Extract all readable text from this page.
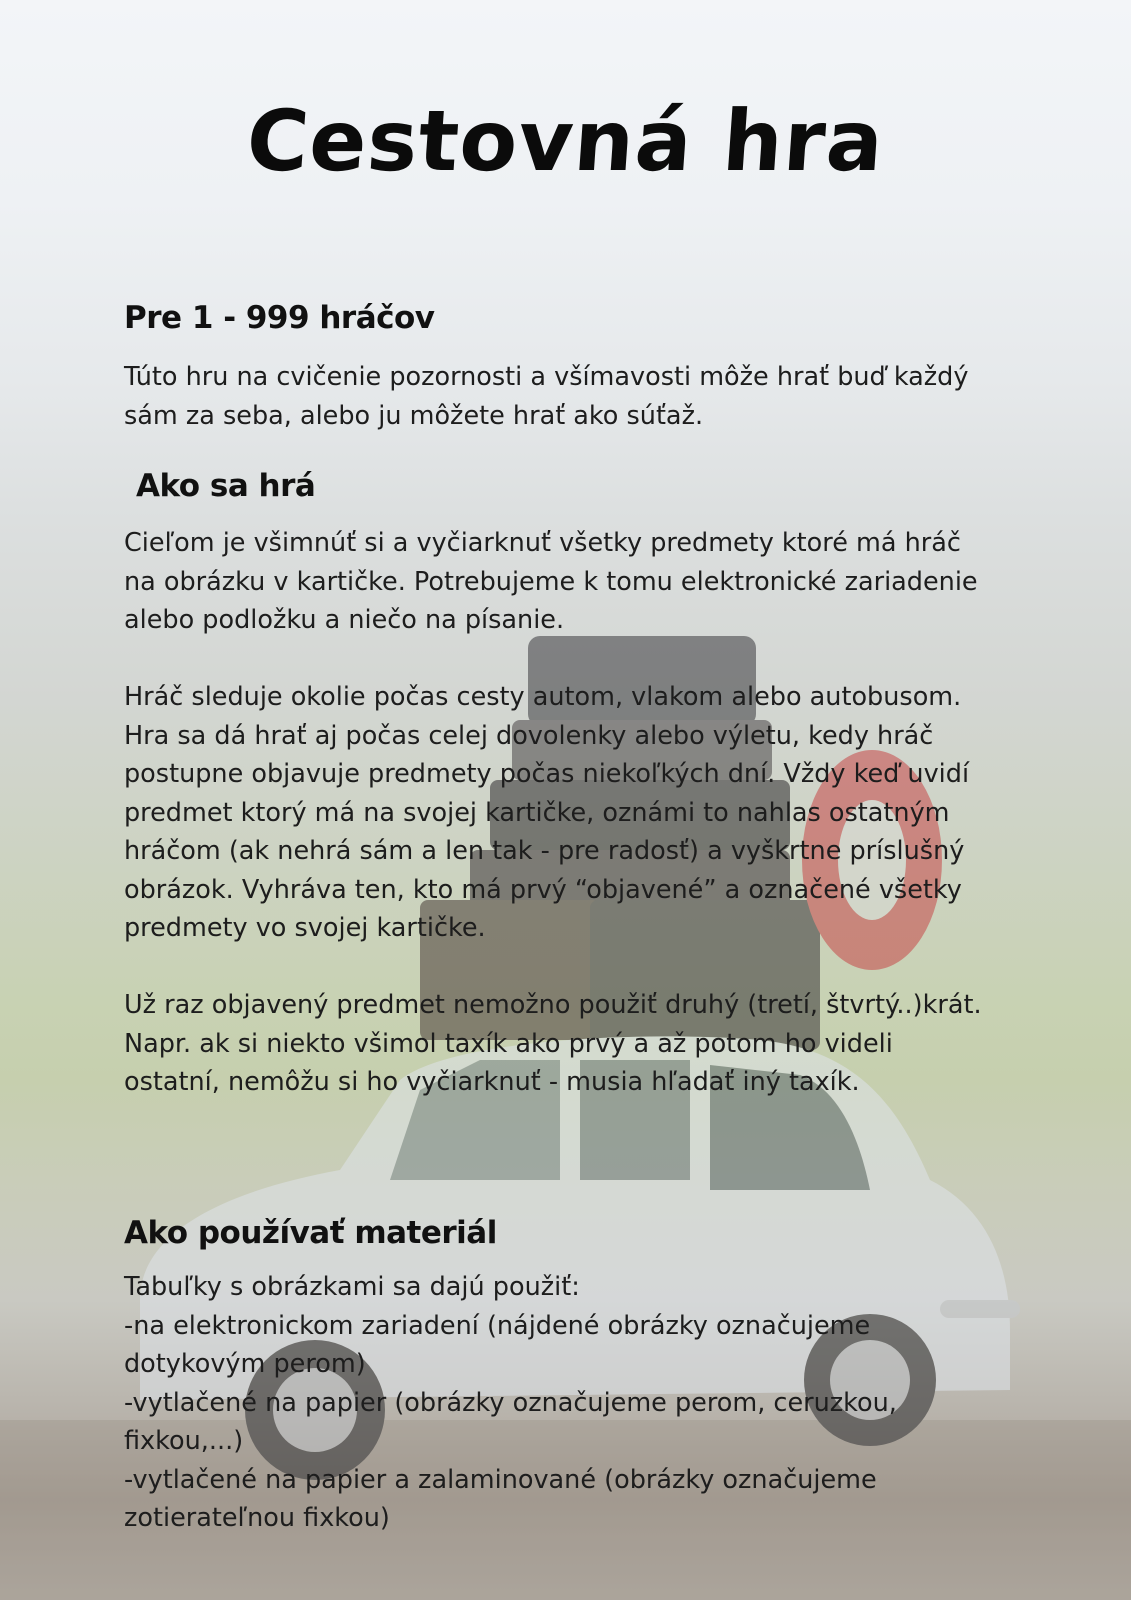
Cestovná hra
Pre 1 - 999 hráčov

Túto hru na cvičenie pozornosti a všímavosti môže hrať buď každý
sám za seba, alebo ju môžete hrať ako súťaž.

Ako sa hrá

Cieľom je všimnúť si a vyčiarknuť všetky predmety ktoré má hráč
na obrázku v kartičke. Potrebujeme k tomu elektronické zariadenie
alebo podložku a niečo na písanie.

Hráč sleduje okolie počas cesty autom, vlakom alebo autobusom.
Hra sa dá hrať aj počas celej dovolenky alebo výletu, kedy hráč
postupne objavuje predmety počas niekoľkých dní. Vždy keď uvidí
predmet ktorý má na svojej kartičke, oznámi to nahlas ostatným
hráčom (ak nehrá sám a len tak - pre radosť) a vyškrtne príslušný
obrázok. Vyhráva ten, kto má prvý “objavené” a označené všetky
predmety vo svojej kartičke.

Už raz objavený predmet nemožno použiť druhý (tretí, štvrtý..)krát.
Napr. ak si niekto všimol taxík ako prvý a až potom ho videli
ostatní, nemôžu si ho vyčiarknuť - musia hľadať iný taxík.

Ako používať materiál

Tabuľky s obrázkami sa dajú použiť:
-na elektronickom zariadení (nájdené obrázky označujeme
dotykovým perom)
-vytlačené na papier (obrázky označujeme perom, ceruzkou,
fixkou,...)
-vytlačené na papier a zalaminované (obrázky označujeme
zotierateľnou fixkou)
